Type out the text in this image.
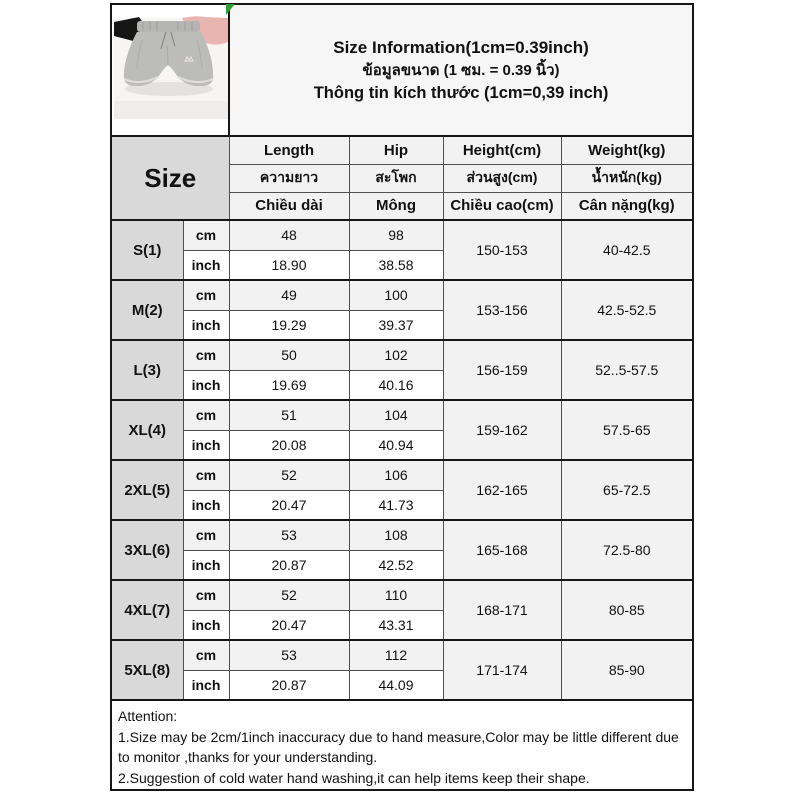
Size Information(1cm=0.39inch)
ข้อมูลขนาด (1 ซม. = 0.39 นิ้ว)
Thông tin kích thước (1cm=0,39 inch)			

Size		Length	Hip	Height(cm)	Weight(kg)
		ความยาว	สะโพก	ส่วนสูง(cm)	น้ำหนัก(kg)
		Chiều dài	Mông	Chiều cao(cm)	Cân nặng(kg)
S(1)	cm	48	98	150-153	40-42.5
	inch	18.90	38.58		
M(2)	cm	49	100	153-156	42.5-52.5
	inch	19.29	39.37		
L(3)	cm	50	102	156-159	52..5-57.5
	inch	19.69	40.16		
XL(4)	cm	51	104	159-162	57.5-65
	inch	20.08	40.94		
2XL(5)	cm	52	106	162-165	65-72.5
	inch	20.47	41.73		
3XL(6)	cm	53	108	165-168	72.5-80
	inch	20.87	42.52		
4XL(7)	cm	52	110	168-171	80-85
	inch	20.47	43.31		
5XL(8)	cm	53	112	171-174	85-90
	inch	20.87	44.09		

Attention:
1.Size may be 2cm/1inch inaccuracy due to hand measure,Color may be little different due to monitor ,thanks for your understanding.
2.Suggestion of cold water hand washing,it can help items keep their shape.					
